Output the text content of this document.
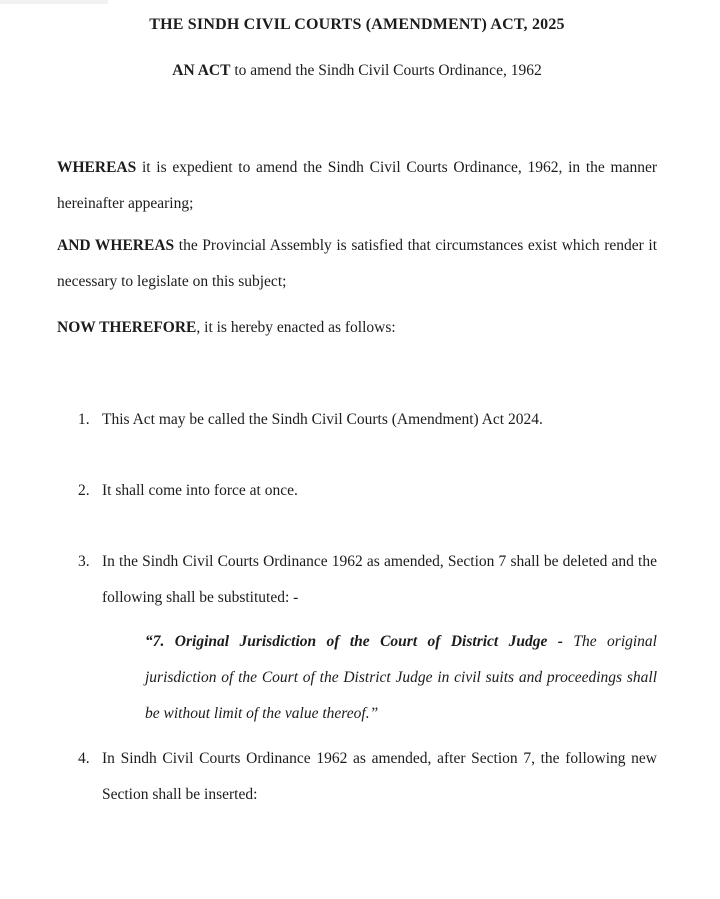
THE SINDH CIVIL COURTS (AMENDMENT) ACT, 2025

AN ACT to amend the Sindh Civil Courts Ordinance, 1962

WHEREAS it is expedient to amend the Sindh Civil Courts Ordinance, 1962, in the manner hereinafter appearing;

AND WHEREAS the Provincial Assembly is satisfied that circumstances exist which render it necessary to legislate on this subject;

NOW THEREFORE, it is hereby enacted as follows:

1. This Act may be called the Sindh Civil Courts (Amendment) Act 2024.
2. It shall come into force at once.
3. In the Sindh Civil Courts Ordinance 1962 as amended, Section 7 shall be deleted and the following shall be substituted: -
“7. Original Jurisdiction of the Court of District Judge - The original jurisdiction of the Court of the District Judge in civil suits and proceedings shall be without limit of the value thereof.”
4. In Sindh Civil Courts Ordinance 1962 as amended, after Section 7, the following new Section shall be inserted:
